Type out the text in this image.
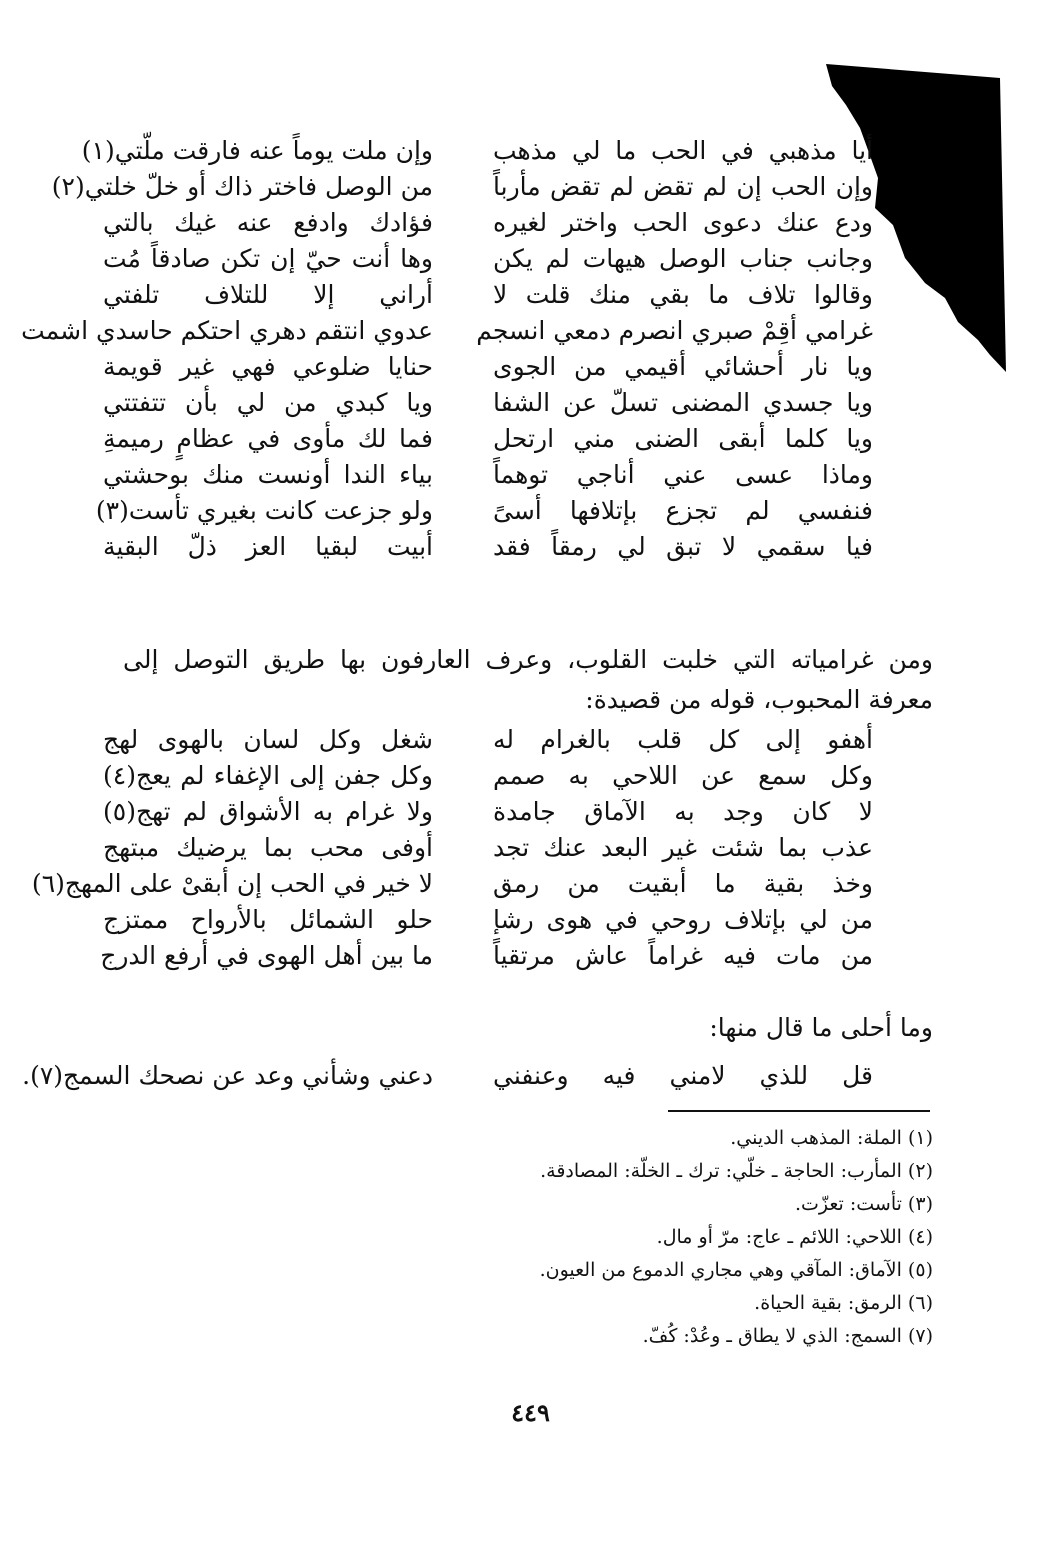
أيا مذهبي في الحب ما لي مذهب
وإن ملت يوماً عنه فارقت ملّتي(١)
وإن الحب إن لم تقض لم تقض مأرباً
من الوصل فاختر ذاك أو خلّ خلتي(٢)
ودع عنك دعوى الحب واختر لغيره
فؤادك وادفع عنه غيك بالتي
وجانب جناب الوصل هيهات لم يكن
وها أنت حيّ إن تكن صادقاً مُت
وقالوا تلاف ما بقي منك قلت لا
أراني إلا للتلاف تلفتي
غرامي أقِمْ صبري انصرم دمعي انسجم
عدوي انتقم دهري احتكم حاسدي اشمت
ويا نار أحشائي أقيمي من الجوى
حنايا ضلوعي فهي غير قويمة
ويا جسدي المضنى تسلّ عن الشفا
ويا كبدي من لي بأن تتفتتي
ويا كلما أبقى الضنى مني ارتحل
فما لك مأوى في عظامٍ رميمةِ
وماذا عسى عني أناجي توهماً
بياء الندا أونست منك بوحشتي
فنفسي لم تجزع بإتلافها أسىً
ولو جزعت كانت بغيري تأست(٣)
فيا سقمي لا تبق لي رمقاً فقد
أبيت لبقيا العز ذلّ البقية
ومن غرامياته التي خلبت القلوب، وعرف العارفون بها طريق التوصل إلى معرفة المحبوب، قوله من قصيدة:
أهفو إلى كل قلب بالغرام له
شغل وكل لسان بالهوى لهج
وكل سمع عن اللاحي به صمم
وكل جفن إلى الإغفاء لم يعج(٤)
لا كان وجد به الآماق جامدة
ولا غرام به الأشواق لم تهج(٥)
عذب بما شئت غير البعد عنك تجد
أوفى محب بما يرضيك مبتهج
وخذ بقية ما أبقيت من رمق
لا خير في الحب إن أبقىْ على المهج(٦)
من لي بإتلاف روحي في هوى رشإ
حلو الشمائل بالأرواح ممتزج
من مات فيه غراماً عاش مرتقياً
ما بين أهل الهوى في أرفع الدرج
وما أحلى ما قال منها:
قل للذي لامني فيه وعنفني
دعني وشأني وعد عن نصحك السمج(٧).
(١) الملة: المذهب الديني.
(٢) المأرب: الحاجة ـ خلّي: ترك ـ الخلّة: المصادقة.
(٣) تأست: تعزّت.
(٤) اللاحي: اللائم ـ عاج: مرّ أو مال.
(٥) الآماق: المآقي وهي مجاري الدموع من العيون.
(٦) الرمق: بقية الحياة.
(٧) السمج: الذي لا يطاق ـ وعُدْ: كُفّ.
٤٤٩
